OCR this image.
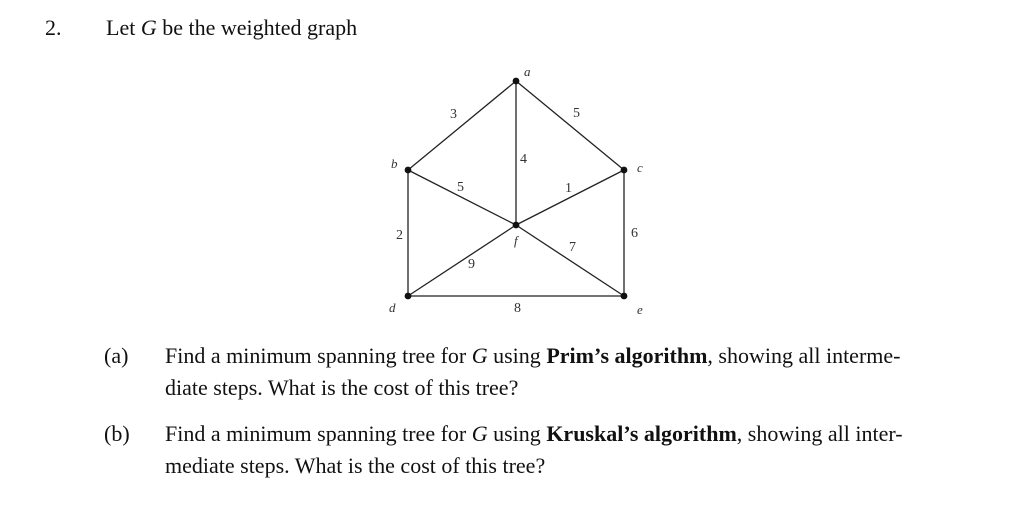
2. Let G be the weighted graph
a
b	c
d	e
f
3	5
4
5	1
2	6
9
7
8
(a)	Find a minimum spanning tree for G using Prim’s algorithm, showing all interme-
diate steps. What is the cost of this tree?
(b)	Find a minimum spanning tree for G using Kruskal’s algorithm, showing all inter-
mediate steps. What is the cost of this tree?
